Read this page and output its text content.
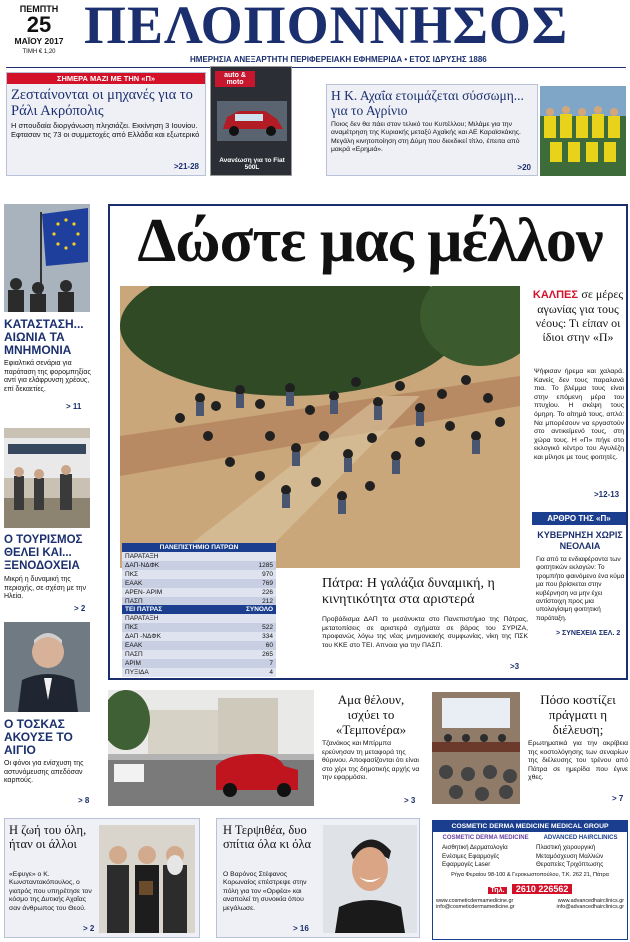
ΠΕΜΠΤΗ
25
ΜΑΪΟΥ 2017
ΤΙΜΗ € 1,20 ΠΕΛΟΠΟΝΝΗΣΟΣ
ΗΜΕΡΗΣΙΑ ΑΝΕΞΑΡΤΗΤΗ ΠΕΡΙΦΕΡΕΙΑΚΗ ΕΦΗΜΕΡΙΔΑ • ΕΤΟΣ ΙΔΡΥΣΗΣ 1886
ΣΗΜΕΡΑ ΜΑΖΙ ΜΕ ΤΗΝ «Π»
Ζεσταίνονται οι μηχανές για το Ράλι Ακρόπολις
Η σπουδαία διοργάνωση πλησιάζει. Εκκίνηση 3 Ιουνίου. Εφτασαν τις 73 οι συμμετοχές από Ελλάδα και εξωτερικό
>21-28
auto & moto
Ανανέωση για το Fiat 500L
Η Κ. Αχαΐα ετοιμάζεται σύσσωμη... για το Αγρίνιο
Ποιος δεν θα πάει στον τελικό του Κυπέλλου; Μιλάμε για την αναμέτρηση της Κυριακής μεταξύ Αχαϊκής και ΑΕ Καραϊσκάκης. Μεγάλη κινητοποίηση στη Δύμη που διεκδικεί τίτλο, έπειτα από μακρά «Ερημιά».
>20
ΚΑΤΑΣΤΑΣΗ... ΑΙΩΝΙΑ ΤΑ ΜΝΗΜΟΝΙΑ
Εφιαλτικά σενάρια για παράταση της φορομπηξίας αντί για ελάφρυνση χρέους, επί δεκαετίες.
> 11
Ο ΤΟΥΡΙΣΜΟΣ ΘΕΛΕΙ ΚΑΙ... ΞΕΝΟΔΟΧΕΙΑ
Μικρή η δυναμική της περιοχής, σε σχέση με την Ηλεία.
> 2
Ο ΤΟΣΚΑΣ ΑΚΟΥΣΕ ΤΟ ΑΙΓΙΟ
Οι φόνοι για ενίσχυση της αστυνόμευσης απεδόσαν καρπούς.
> 8
Δώστε μας μέλλον
ΠΑΝΕΠΙΣΤΗΜΙΟ ΠΑΤΡΩΝ
ΠΑΡΑΤΑΞΗ
ΔΑΠ-ΝΔΦΚ	1285
ΠΚΣ	970
ΕΑΑΚ	769
ΑΡΕΝ- ΑΡΙΜ	226
ΠΑΣΠ	212
ΤΕΙ ΠΑΤΡΑΣ	ΣΥΝΟΛΟ
ΠΑΡΑΤΑΞΗ
ΠΚΣ	522
ΔΑΠ -ΝΔΦΚ	334
ΕΑΑΚ	60
ΠΑΣΠ	265
ΑΡΙΜ	7
ΠΥΞΙΔΑ	4
ΚΑΛΠΕΣ σε μέρες αγωνίας για τους νέους: Τι είπαν οι ίδιοι στην «Π»
Ψήφισαν ήρεμα και χαλαρά. Κανείς δεν τους παραλανά πια. Το βλέμμα τους είναι στην επόμενη μέρα του πτυχίου. Η σκέψη τους όμηρη. Το αίτημά τους, απλό: Να μπορέσουν να εργαστούν στο αντικείμενό τους, στη χώρα τους. Η «Π» πήγε στο εκλογικό κέντρο του Αγυλέζη και μίλησε με τους φοιτητές.
>12-13
ΑΡΘΡΟ ΤΗΣ «Π»
ΚΥΒΕΡΝΗΣΗ ΧΩΡΙΣ ΝΕΟΛΑΙΑ
Για από τα ενδιαφέροντα των φοιτητικών εκλογών: Το τρομπήτο φαινόμενο ένα κύμα μα που βρίσκεται στην κυβέρνηση να μην έχει αντίστοιχη προς μια υπολογίσιμη φοιτητική παράταξη.
> ΣΥΝΕΧΕΙΑ ΣΕΛ. 2
Πάτρα: Η γαλάζια δυναμική, η κινητικότητα στα αριστερά
Προβάδισμα ΔΑΠ το μεσάνυκτα στο Πανεπιστήμιο της Πάτρας, μετατοπίσεις σε αριστερά σχήματα σε βάρος του ΣΥΡΙΖΑ, προφανώς λόγω της νέας μνημονιακής συμφωνίας, νίκη της ΠΣΚ του ΚΚΕ στο ΤΕΙ. Απνοια για την ΠΑΣΠ.
>3
Αμα θέλουν, ισχύει το «Τεμπονέρα»
Τζανάκος και Μπίρμπα ερεύνησαν τη μεταφορά της θύρινου. Αποφασίζονται ότι είναι στο χέρι της δημοτικής αρχής να την εφαρμόσει.
> 3
Πόσο κοστίζει πράγματι η διέλευση;
Ερωτηματικά για την ακρίβεια της κοστολόγησης των σεναρίων της διέλευσης του τρένου από Πάτρα σε ημερίδα που έγινε χθες.
> 7
Η ζωή του όλη, ήταν οι άλλοι
«Εφυγε» ο Κ. Κωνσταντακόπουλος, ο γιατρός που υπηρέτησε τον κόσμο της Δυτικής Αχαΐας σαν άνθρωπος του Θεού.
> 2
Η Τερψιθέα, δυο σπίτια όλα κι όλα
Ο Βαρόνος Στέφανος Κορωναίος επέστρεψε στην πόλη για τον «Ορφέα» και αναπολεί τη συνοικία όπου μεγάλωσε.
> 16
COSMETIC DERMA MEDICINE MEDICAL GROUP
COSMETIC DERMA MEDICINE ADVANCED HAIRCLINICS
Αισθητική Δερματολογία
Ενέσιμες Εφαρμογές
Εφαρμογές Laser
Πλαστική χειρουργική
Μεταμόσχευση Μαλλιών
Θεραπείες Τριχόπτωσης
Ρήγα Φεραίου 98-100 & Γεροκωστοπούλου, Τ.Κ. 262 21, Πάτρα
Τηλ. 2610 226562
www.cosmeticdermamedicine.gr	www.advancedhairclinics.gr
info@cosmeticdermamedicine.gr	info@advancedhairclinics.gr
